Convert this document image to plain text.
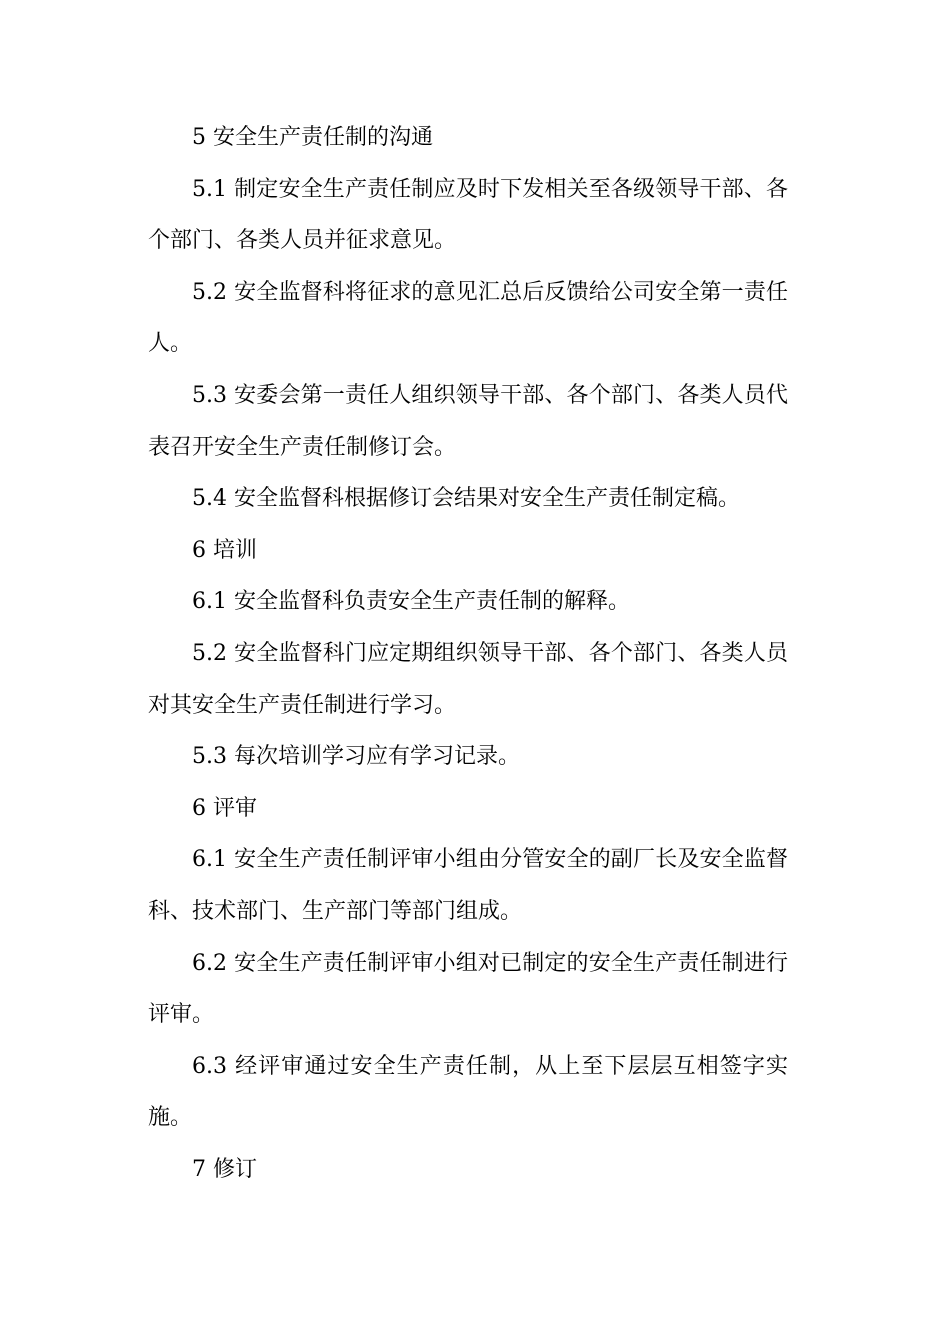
5 安全生产责任制的沟通

5.1 制定安全生产责任制应及时下发相关至各级领导干部、各个部门、各类人员并征求意见。

5.2 安全监督科将征求的意见汇总后反馈给公司安全第一责任人。

5.3 安委会第一责任人组织领导干部、各个部门、各类人员代表召开安全生产责任制修订会。

5.4 安全监督科根据修订会结果对安全生产责任制定稿。

6 培训

6.1 安全监督科负责安全生产责任制的解释。

5.2 安全监督科门应定期组织领导干部、各个部门、各类人员对其安全生产责任制进行学习。

5.3 每次培训学习应有学习记录。

6 评审

6.1 安全生产责任制评审小组由分管安全的副厂长及安全监督科、技术部门、生产部门等部门组成。

6.2 安全生产责任制评审小组对已制定的安全生产责任制进行评审。

6.3 经评审通过安全生产责任制，从上至下层层互相签字实施。

7 修订
